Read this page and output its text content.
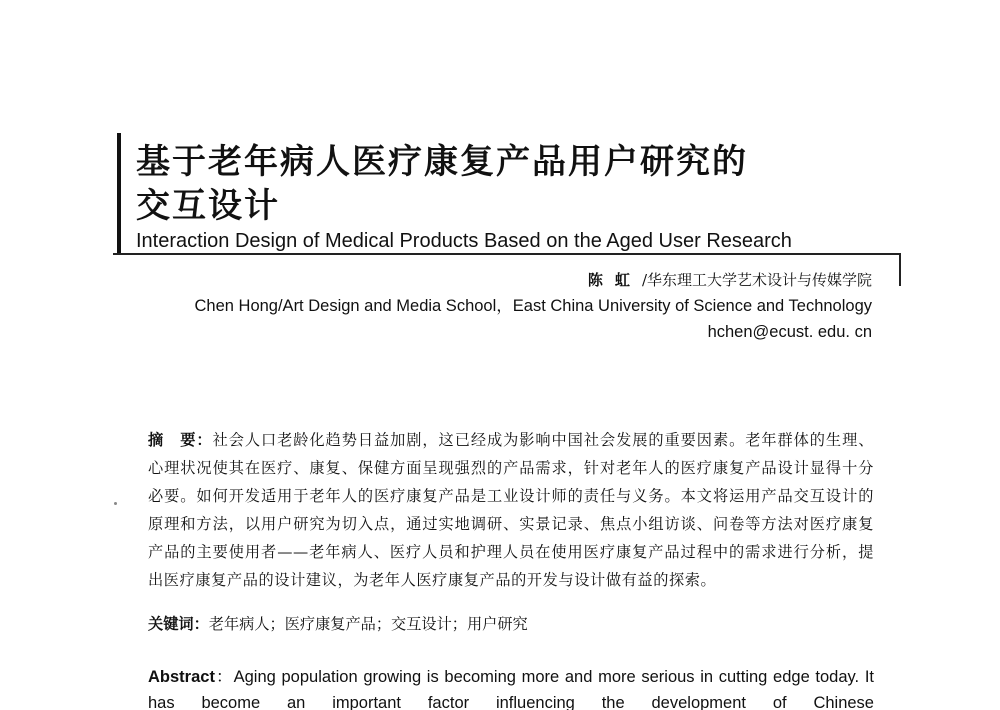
基于老年病人医疗康复产品用户研究的
交互设计
Interaction Design of Medical Products Based on the Aged User Research
陈虹/华东理工大学艺术设计与传媒学院
Chen Hong/Art Design and Media School，East China University of Science and Technology
hchen@ecust. edu. cn

摘　要：社会人口老龄化趋势日益加剧，这已经成为影响中国社会发展的重要因素。老年群体的生理、心理状况使其在医疗、康复、保健方面呈现强烈的产品需求，针对老年人的医疗康复产品设计显得十分必要。如何开发适用于老年人的医疗康复产品是工业设计师的责任与义务。本文将运用产品交互设计的原理和方法，以用户研究为切入点，通过实地调研、实景记录、焦点小组访谈、问卷等方法对医疗康复产品的主要使用者——老年病人、医疗人员和护理人员在使用医疗康复产品过程中的需求进行分析，提出医疗康复产品的设计建议，为老年人医疗康复产品的开发与设计做有益的探索。

关键词：老年病人；医疗康复产品；交互设计；用户研究

Abstract：Aging population growing is becoming more and more serious in cutting edge today. It has become an important factor influencing the development of Chinese
